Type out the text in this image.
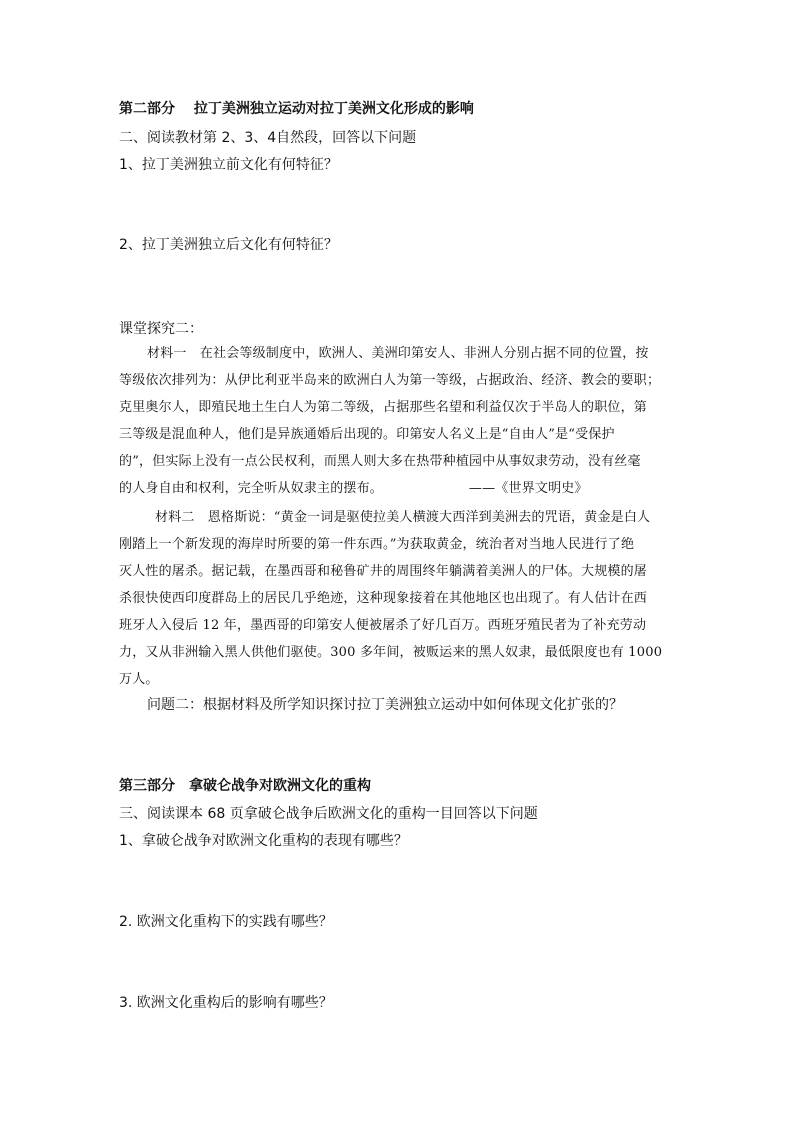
第二部分　 拉丁美洲独立运动对拉丁美洲文化形成的影响
二、阅读教材第 2、3、4自然段，回答以下问题
1、拉丁美洲独立前文化有何特征？
2、拉丁美洲独立后文化有何特征？
课堂探究二：
材料一　在社会等级制度中，欧洲人、美洲印第安人、非洲人分别占据不同的位置，按
等级依次排列为：从伊比利亚半岛来的欧洲白人为第一等级，占据政治、经济、教会的要职；
克里奥尔人，即殖民地土生白人为第二等级，占据那些名望和利益仅次于半岛人的职位，第
三等级是混血种人，他们是异族通婚后出现的。印第安人名义上是“自由人”是“受保护
的”，但实际上没有一点公民权利，而黑人则大多在热带种植园中从事奴隶劳动，没有丝毫
的人身自由和权利，完全听从奴隶主的摆布。　　　　　　　——《世界文明史》
材料二　恩格斯说：“黄金一词是驱使拉美人横渡大西洋到美洲去的咒语，黄金是白人
刚踏上一个新发现的海岸时所要的第一件东西。”为获取黄金，统治者对当地人民进行了绝
灭人性的屠杀。据记载，在墨西哥和秘鲁矿井的周围终年躺满着美洲人的尸体。大规模的屠
杀很快使西印度群岛上的居民几乎绝迹，这种现象接着在其他地区也出现了。有人估计在西
班牙人入侵后 12 年，墨西哥的印第安人便被屠杀了好几百万。西班牙殖民者为了补充劳动
力，又从非洲输入黑人供他们驱使。300 多年间，被贩运来的黑人奴隶，最低限度也有 1000
万人。
问题二：根据材料及所学知识探讨拉丁美洲独立运动中如何体现文化扩张的？
第三部分　拿破仑战争对欧洲文化的重构
三、阅读课本 68 页拿破仑战争后欧洲文化的重构一目回答以下问题
1、拿破仑战争对欧洲文化重构的表现有哪些？
2. 欧洲文化重构下的实践有哪些？
3. 欧洲文化重构后的影响有哪些？
